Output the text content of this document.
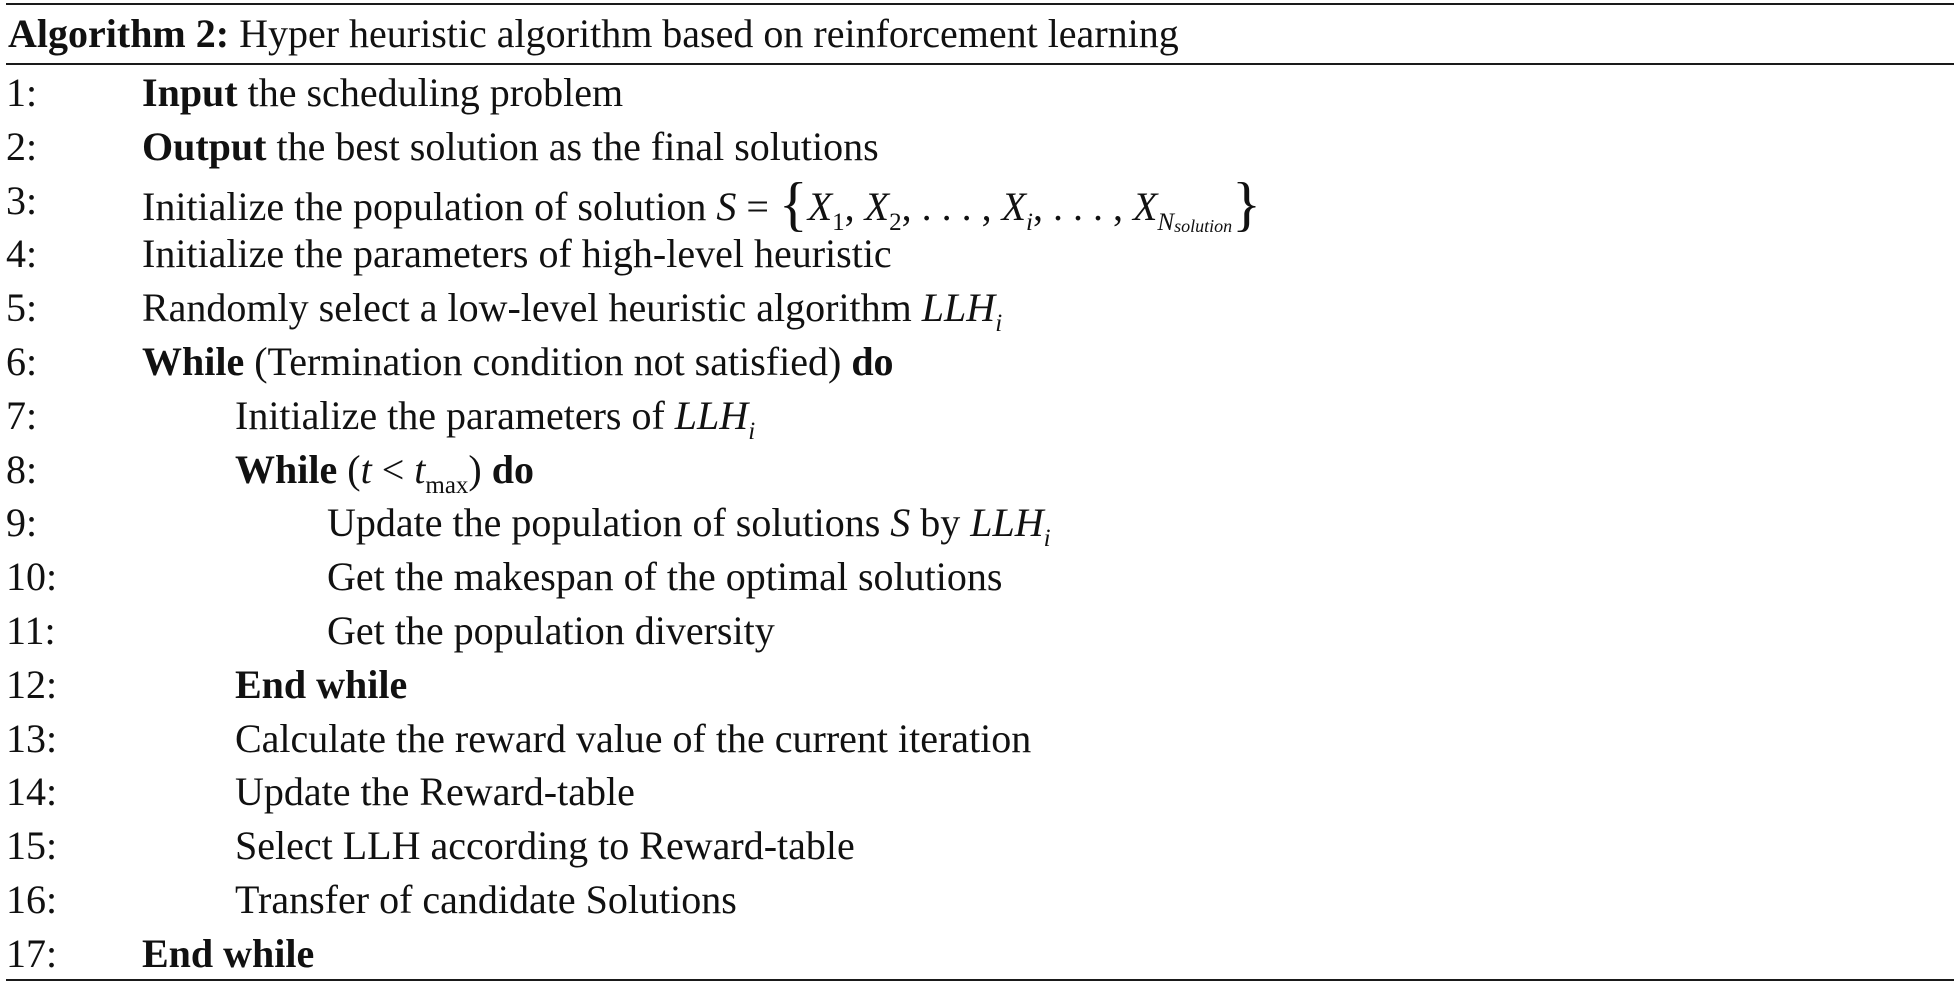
Algorithm 2: Hyper heuristic algorithm based on reinforcement learning
1:	Input the scheduling problem
2:	Output the best solution as the final solutions
3:	Initialize the population of solution $S = \{X_1$, $X_2$, . . . , $X_i$, . . . , $X_{Nsolution}$}
4:	Initialize the parameters of high-level heuristic
5:	Randomly select a low-level heuristic algorithm $LLH_i$
6:	While (Termination condition not satisfied) do
7:	Initialize the parameters of $LLH_i$
8:	While $(t < t_{max})$ do
9:	Update the population of solutions S by $LLH_i$
10:	Get the makespan of the optimal solutions
11:	Get the population diversity
12:	End while
13:	Calculate the reward value of the current iteration
14:	Update the Reward-table
15:	Select LLH according to Reward-table
16:	Transfer of candidate Solutions
17: End while
